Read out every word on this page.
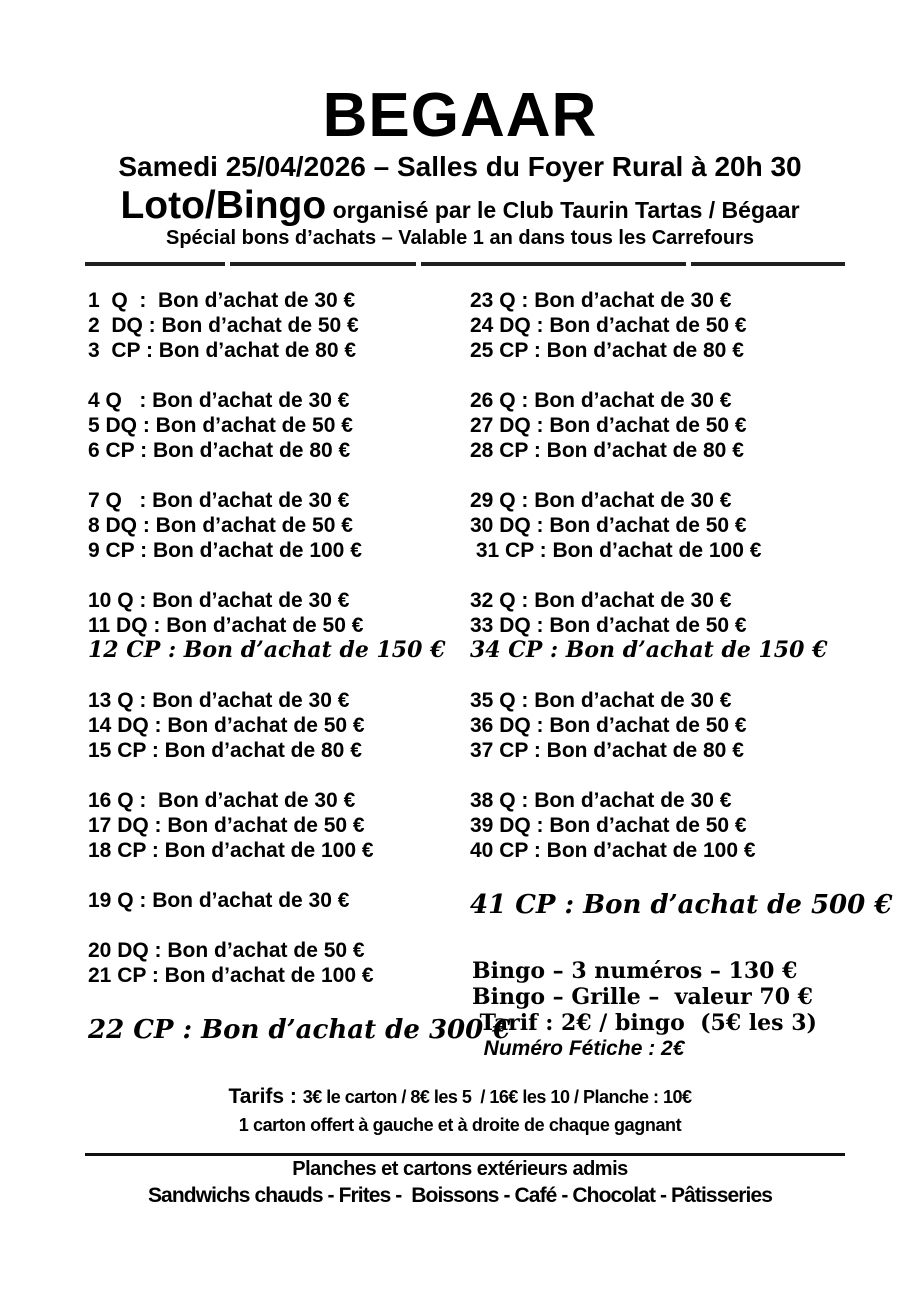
BEGAAR
Samedi 25/04/2026 – Salles du Foyer Rural à 20h 30
Loto/Bingo organisé par le Club Taurin Tartas / Bégaar
Spécial bons d’achats – Valable 1 an dans tous les Carrefours
1  Q  :  Bon d’achat de 30 €
2  DQ : Bon d’achat de 50 €
3  CP : Bon d’achat de 80 €
4 Q   : Bon d’achat de 30 €
5 DQ : Bon d’achat de 50 €
6 CP : Bon d’achat de 80 €
7 Q   : Bon d’achat de 30 €
8 DQ : Bon d’achat de 50 €
9 CP : Bon d’achat de 100 €
10 Q : Bon d’achat de 30 €
11 DQ : Bon d’achat de 50 €
12 CP : Bon d’achat de 150 €
13 Q : Bon d’achat de 30 €
14 DQ : Bon d’achat de 50 €
15 CP : Bon d’achat de 80 €
16 Q :  Bon d’achat de 30 €
17 DQ : Bon d’achat de 50 €
18 CP : Bon d’achat de 100 €
19 Q : Bon d’achat de 30 €
20 DQ : Bon d’achat de 50 €
21 CP : Bon d’achat de 100 €
22 CP : Bon d’achat de 300 €
23 Q : Bon d’achat de 30 €
24 DQ : Bon d’achat de 50 €
25 CP : Bon d’achat de 80 €
26 Q : Bon d’achat de 30 €
27 DQ : Bon d’achat de 50 €
28 CP : Bon d’achat de 80 €
29 Q : Bon d’achat de 30 €
30 DQ : Bon d’achat de 50 €
31 CP : Bon d’achat de 100 €
32 Q : Bon d’achat de 30 €
33 DQ : Bon d’achat de 50 €
34 CP : Bon d’achat de 150 €
35 Q : Bon d’achat de 30 €
36 DQ : Bon d’achat de 50 €
37 CP : Bon d’achat de 80 €
38 Q : Bon d’achat de 30 €
39 DQ : Bon d’achat de 50 €
40 CP : Bon d’achat de 100 €
41 CP : Bon d’achat de 500 €
Bingo – 3 numéros – 130 €
Bingo – Grille –  valeur 70 €
Tarif : 2€ / bingo  (5€ les 3)
Numéro Fétiche : 2€
Tarifs : 3€ le carton / 8€ les 5  / 16€ les 10 / Planche : 10€
1 carton offert à gauche et à droite de chaque gagnant
Planches et cartons extérieurs admis
Sandwichs chauds - Frites -  Boissons - Café - Chocolat - Pâtisseries
